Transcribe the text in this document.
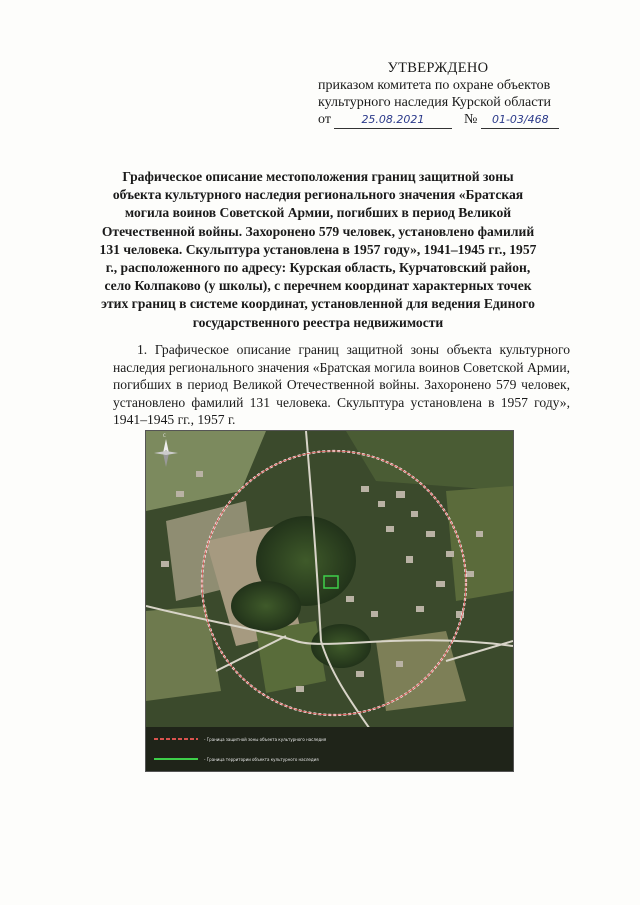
УТВЕРЖДЕНО
приказом комитета по охране объектов
культурного наследия Курской области
от	25.08.2021	№	01-03/468
Графическое описание местоположения границ защитной зоны объекта культурного наследия регионального значения «Братская могила воинов Советской Армии, погибших в период Великой Отечественной войны. Захоронено 579 человек, установлено фамилий 131 человека. Скульптура установлена в 1957 году», 1941–1945 гг., 1957 г., расположенного по адресу: Курская область, Курчатовский район, село Колпаково (у школы), с перечнем координат характерных точек этих границ в системе координат, установленной для ведения Единого государственного реестра недвижимости
1. Графическое описание границ защитной зоны объекта культурного наследия регионального значения «Братская могила воинов Советской Армии, погибших в период Великой Отечественной войны. Захоронено 579 человек, установлено фамилий 131 человека. Скульптура установлена в 1957 году», 1941–1945 гг., 1957 г.
С
- Граница защитной зоны объекта культурного наследия
- Граница территории объекта культурного наследия
